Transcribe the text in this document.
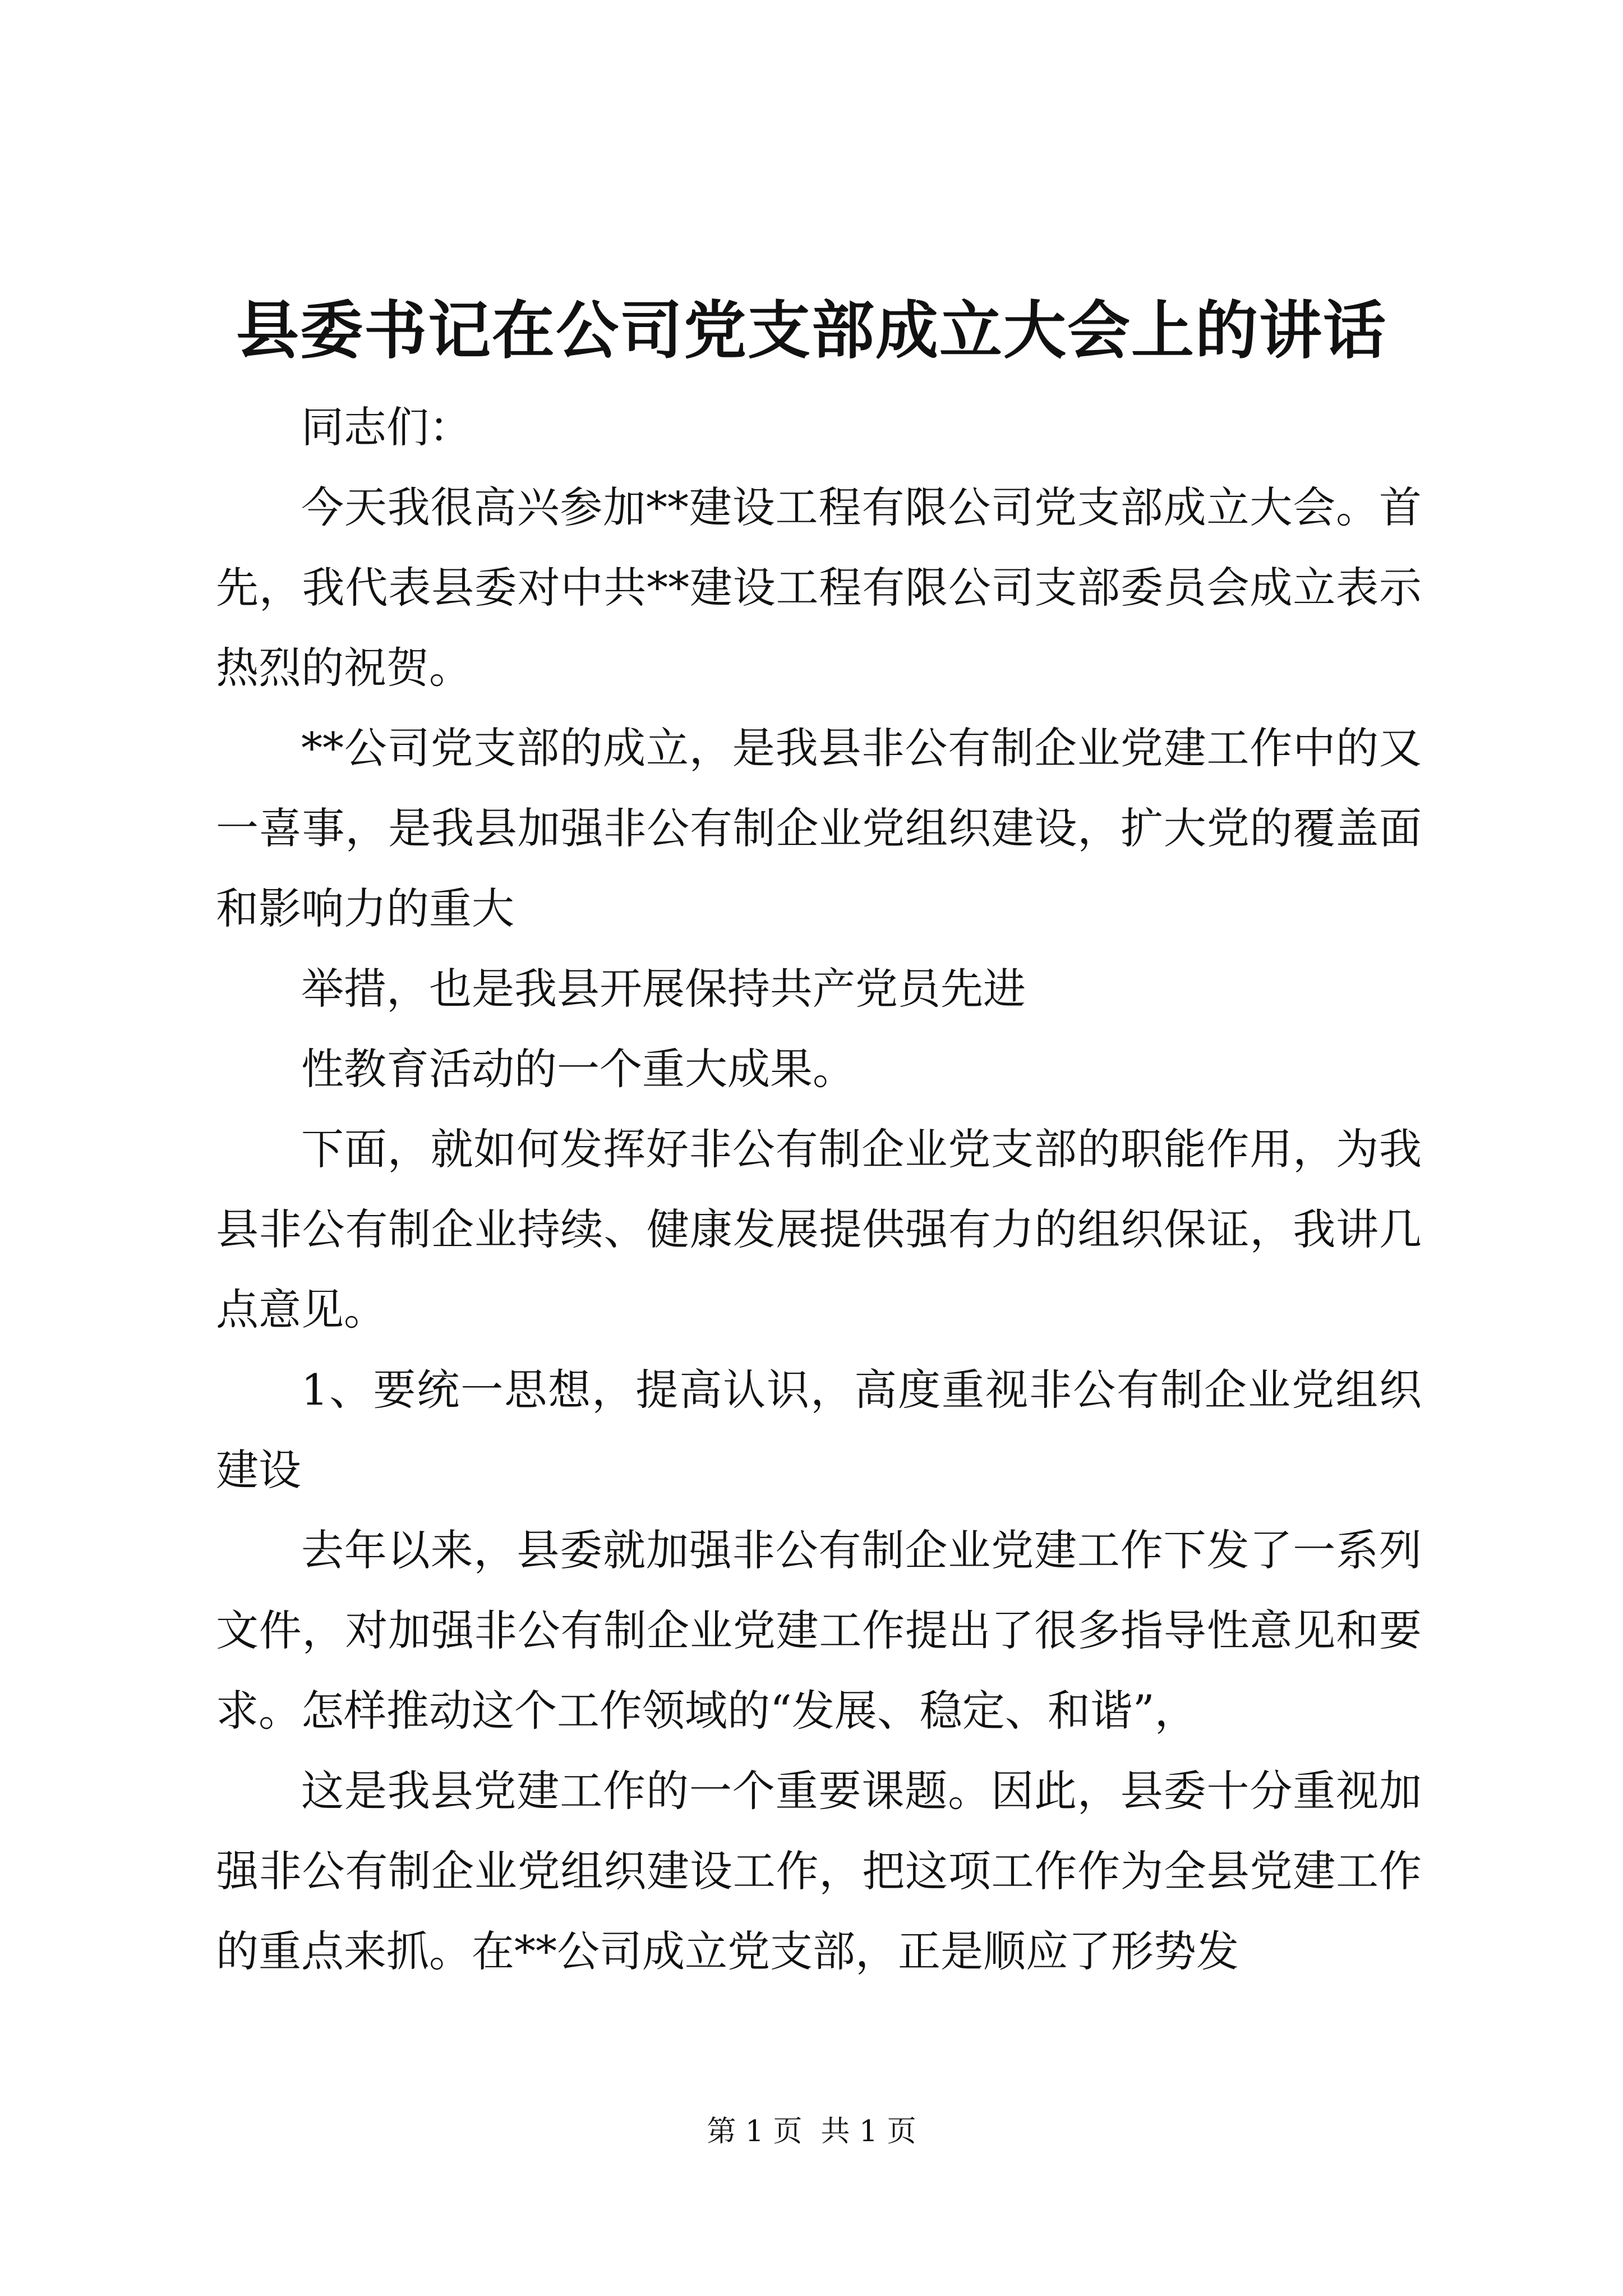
县委书记在公司党支部成立大会上的讲话

同志们：

今天我很高兴参加**建设工程有限公司党支部成立大会。首先，我代表县委对中共**建设工程有限公司支部委员会成立表示热烈的祝贺。

**公司党支部的成立，是我县非公有制企业党建工作中的又一喜事，是我县加强非公有制企业党组织建设，扩大党的覆盖面和影响力的重大

举措，也是我县开展保持共产党员先进

性教育活动的一个重大成果。

下面，就如何发挥好非公有制企业党支部的职能作用，为我县非公有制企业持续、健康发展提供强有力的组织保证，我讲几点意见。

1、要统一思想，提高认识，高度重视非公有制企业党组织建设

去年以来，县委就加强非公有制企业党建工作下发了一系列文件，对加强非公有制企业党建工作提出了很多指导性意见和要求。怎样推动这个工作领域的“发展、稳定、和谐”，

这是我县党建工作的一个重要课题。因此，县委十分重视加强非公有制企业党组织建设工作，把这项工作作为全县党建工作的重点来抓。在**公司成立党支部，正是顺应了形势发

第 1 页 共 1 页
